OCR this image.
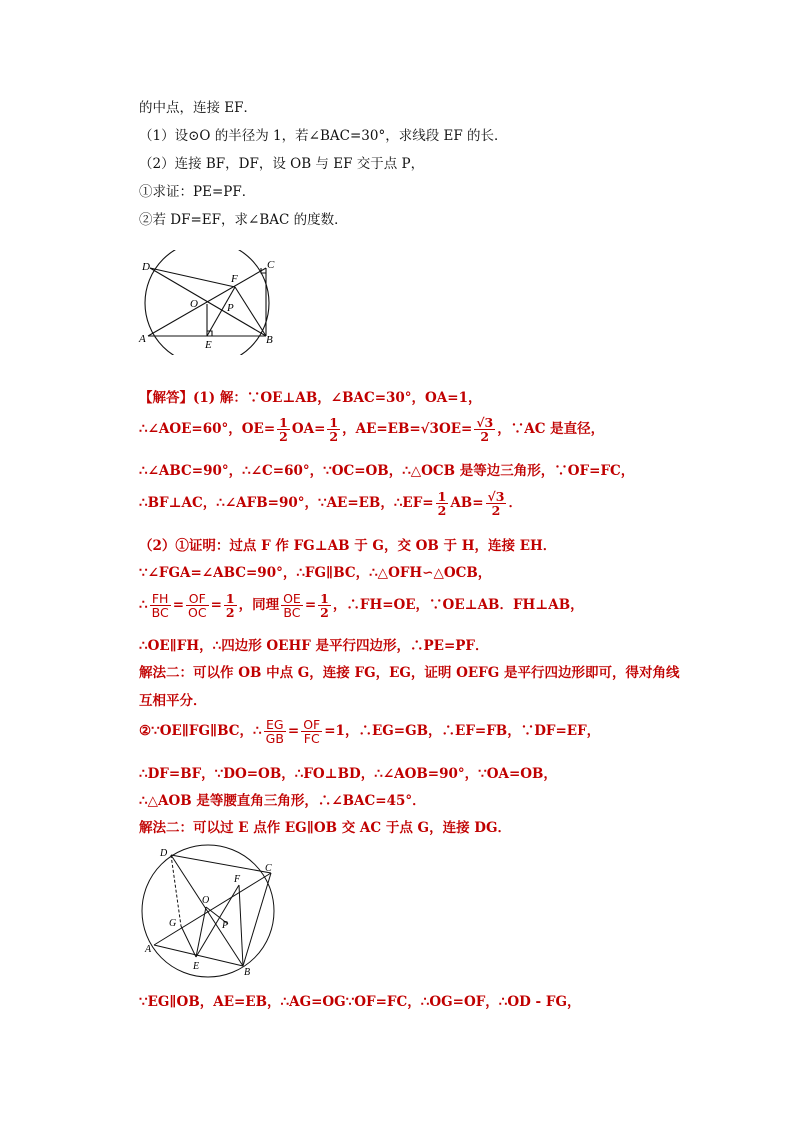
的中点，连接 EF．
（1）设⊙O 的半径为 1，若∠BAC=30°，求线段 EF 的长．
（2）连接 BF，DF，设 OB 与 EF 交于点 P，
①求证：PE=PF．
②若 DF=EF，求∠BAC 的度数．
D	C
F
O	P
A	E	B
【解答】(1) 解：∵OE⊥AB，∠BAC=30°，OA=1，
∴∠AOE=60°，$OE= \frac{1}{2} OA= \frac{1}{2}$ ，$AE=EB=√3OE= \frac{√3}{2}$ ，∵AC 是直径，
∴∠ABC=90°，∴∠C=60°，∵OC=OB，∴△OCB 是等边三角形，∵OF=FC，
∴BF⊥AC，∴∠AFB=90°，∵AE=EB，∴EF= $\frac{1}{2} AB= \frac{√3}{2}$ ．
（2）①证明：过点 F 作 FG⊥AB 于 G，交 OB 于 H，连接 EH．
∵∠FGA=∠ABC=90°，∴FG∥BC，∴△OFH∽△OCB，
∴ $\frac{FH}{BC} = \frac{OF}{OC} = \frac{1}{2}$ ，同理 $\frac{OE}{BC} = \frac{1}{2}$ ，∴FH=OE，∵OE⊥AB．FH⊥AB，
∴OE∥FH，∴四边形 OEHF 是平行四边形，∴PE=PF．
解法二：可以作 OB 中点 G，连接 FG，EG，证明 OEFG 是平行四边形即可，得对角线
互相平分．
②∵OE∥FG∥BC，∴ $\frac{EG}{GB} = \frac{OF}{FC} =1$，∴EG=GB，∴EF=FB，∵DF=EF，
∴DF=BF，∵DO=OB，∴FO⊥BD，∴∠AOB=90°，∵OA=OB，
∴△AOB 是等腰直角三角形，∴∠BAC=45°．
解法二：可以过 E 点作 EG∥OB 交 AC 于点 G，连接 DG．
D
C
F
O
G	P
A
E
B
∵EG∥OB，AE=EB，∴AG=OG∵OF=FC，∴OG=OF，∴OD - FG，
